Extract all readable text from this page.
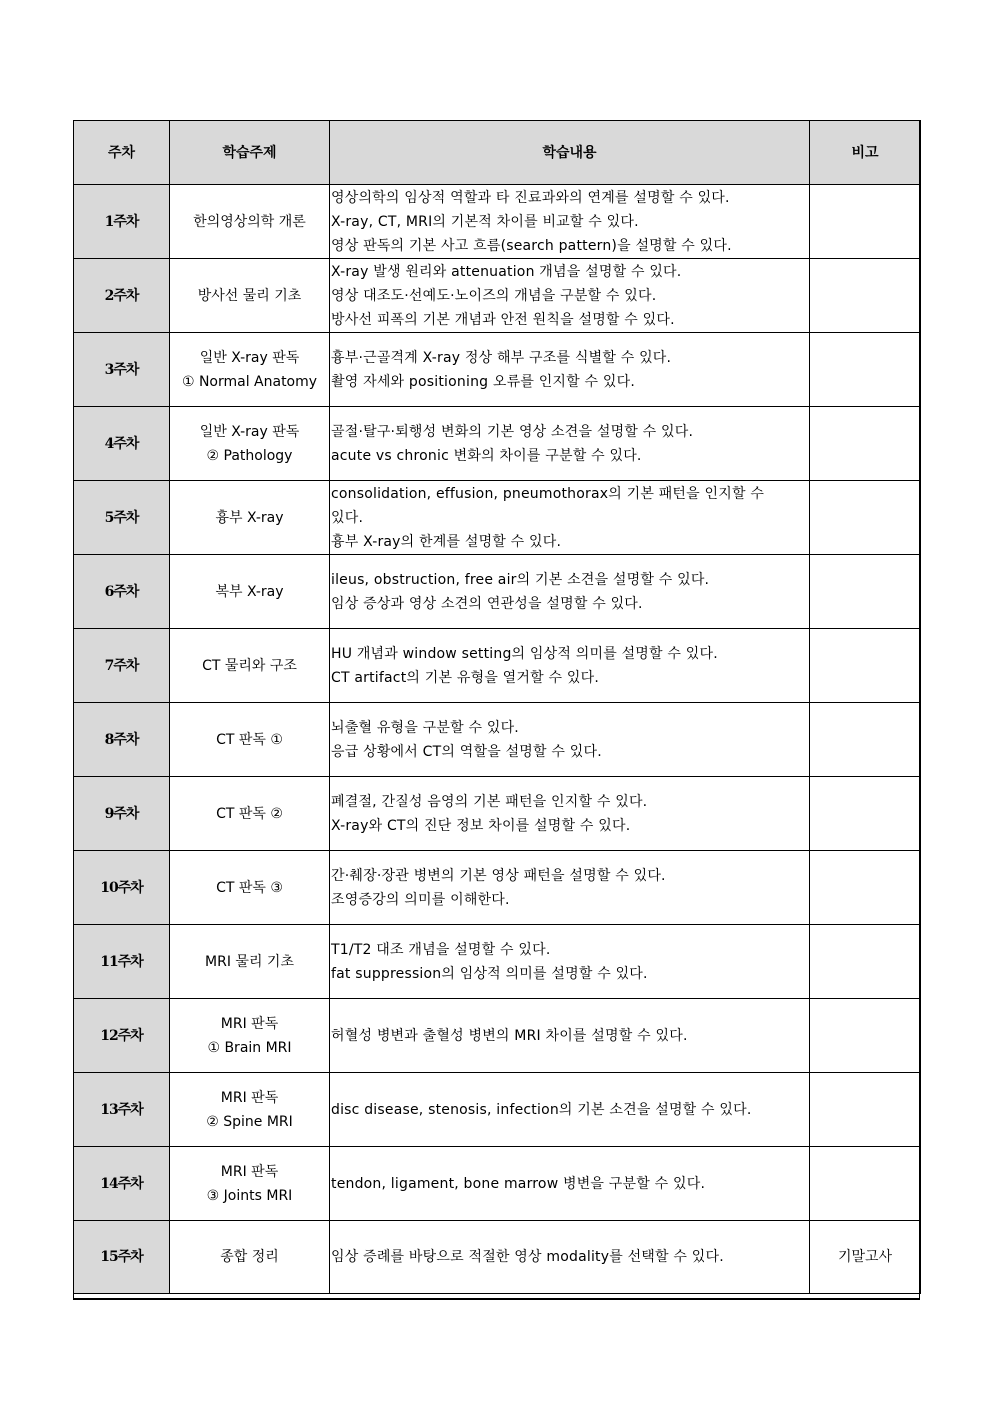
주차	학습주제	학습내용	비고
1주차	한의영상의학 개론	영상의학의 임상적 역할과 타 진료과와의 연계를 설명할 수 있다.
X-ray, CT, MRI의 기본적 차이를 비교할 수 있다.
영상 판독의 기본 사고 흐름(search pattern)을 설명할 수 있다.	

2주차	방사선 물리 기초	X-ray 발생 원리와 attenuation 개념을 설명할 수 있다.
영상 대조도·선예도·노이즈의 개념을 구분할 수 있다.
방사선 피폭의 기본 개념과 안전 원칙을 설명할 수 있다.	

3주차	일반 X-ray 판독
① Normal Anatomy	흉부·근골격계 X-ray 정상 해부 구조를 식별할 수 있다.
촬영 자세와 positioning 오류를 인지할 수 있다.	

4주차	일반 X-ray 판독
② Pathology	골절·탈구·퇴행성 변화의 기본 영상 소견을 설명할 수 있다.
acute vs chronic 변화의 차이를 구분할 수 있다.	

5주차	흉부 X-ray	consolidation, effusion, pneumothorax의 기본 패턴을 인지할 수
있다.
흉부 X-ray의 한계를 설명할 수 있다.	

6주차	복부 X-ray	ileus, obstruction, free air의 기본 소견을 설명할 수 있다.
임상 증상과 영상 소견의 연관성을 설명할 수 있다.	

7주차	CT 물리와 구조	HU 개념과 window setting의 임상적 의미를 설명할 수 있다.
CT artifact의 기본 유형을 열거할 수 있다.	

8주차	CT 판독 ①	뇌출혈 유형을 구분할 수 있다.
응급 상황에서 CT의 역할을 설명할 수 있다.	

9주차	CT 판독 ②	폐결절, 간질성 음영의 기본 패턴을 인지할 수 있다.
X-ray와 CT의 진단 정보 차이를 설명할 수 있다.	

10주차	CT 판독 ③	간·췌장·장관 병변의 기본 영상 패턴을 설명할 수 있다.
조영증강의 의미를 이해한다.	

11주차	MRI 물리 기초	T1/T2 대조 개념을 설명할 수 있다.
fat suppression의 임상적 의미를 설명할 수 있다.	

12주차	MRI 판독
① Brain MRI	허혈성 병변과 출혈성 병변의 MRI 차이를 설명할 수 있다.	

13주차	MRI 판독
② Spine MRI	disc disease, stenosis, infection의 기본 소견을 설명할 수 있다.	

14주차	MRI 판독
③ Joints MRI	tendon, ligament, bone marrow 병변을 구분할 수 있다.	

15주차	종합 정리	임상 증례를 바탕으로 적절한 영상 modality를 선택할 수 있다.	기말고사
